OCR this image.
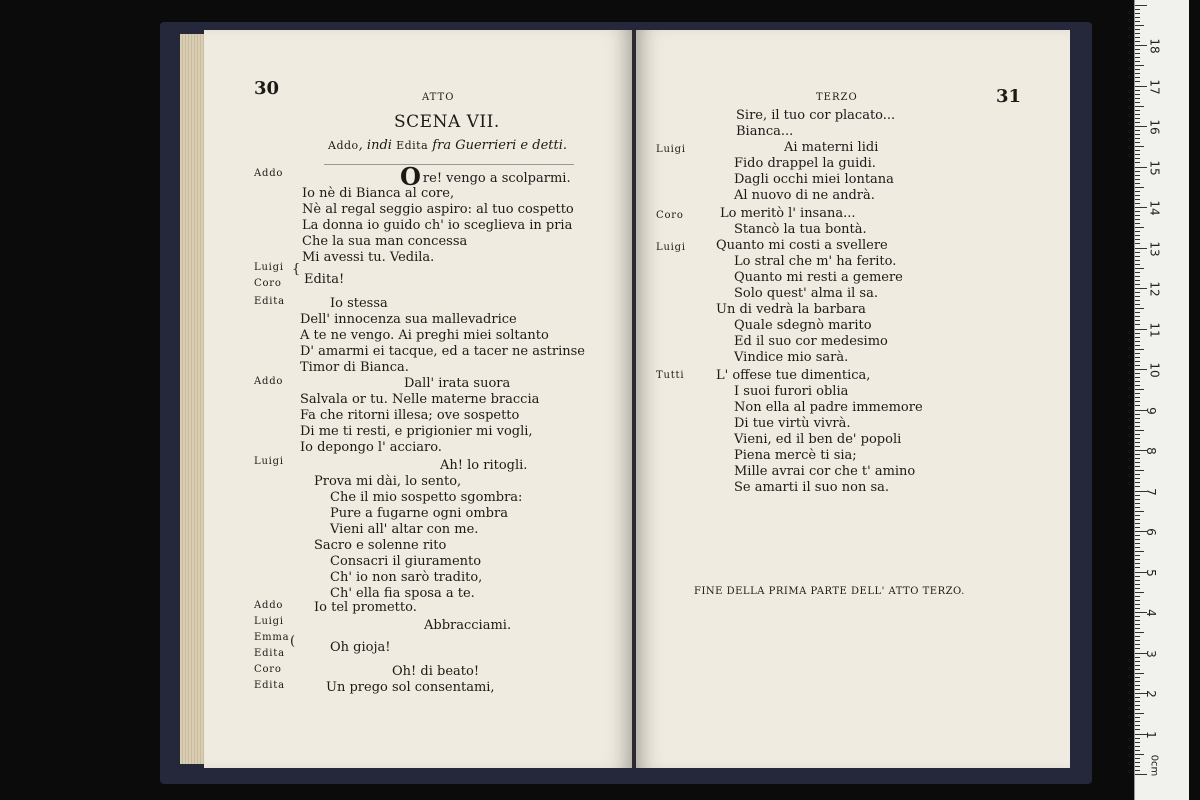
30	ATTO
SCENA VII.
Addo, indi Edita fra Guerrieri e detti.
Addo
Luigi
Coro
{
Edita
Addo
Luigi
Addo
Luigi
Emma
Edita
Coro
Edita
(
Ore! vengo a scolparmi.
Io nè di Bianca al core,
Nè al regal seggio aspiro: al tuo cospetto
La donna io guido ch' io sceglieva in pria
Che la sua man concessa
Mi avessi tu. Vedila.
Edita!
Io stessa
Dell' innocenza sua mallevadrice
A te ne vengo. Ai preghi miei soltanto
D' amarmi ei tacque, ed a tacer ne astrinse
Timor di Bianca.
Dall' irata suora
Salvala or tu. Nelle materne braccia
Fa che ritorni illesa; ove sospetto
Di me ti resti, e prigionier mi vogli,
Io depongo l' acciaro.
Ah! lo ritogli.
Prova mi dài, lo sento,
Che il mio sospetto sgombra:
Pure a fugarne ogni ombra
Vieni all' altar con me.
Sacro e solenne rito
Consacri il giuramento
Ch' io non sarò tradito,
Ch' ella fia sposa a te.
Io tel prometto.
Abbracciami.
Oh gioja!
Oh! di beato!
Un prego sol consentami,
TERZO	31
Luigi
Coro
Luigi
Tutti
Sire, il tuo cor placato...
Bianca...
Ai materni lidi
Fido drappel la guidi.
Dagli occhi miei lontana
Al nuovo di ne andrà.
Lo meritò l' insana...
Stancò la tua bontà.
Quanto mi costi a svellere
Lo stral che m' ha ferito.
Quanto mi resti a gemere
Solo quest' alma il sa.
Un di vedrà la barbara
Quale sdegnò marito
Ed il suo cor medesimo
Vindice mio sarà.
L' offese tue dimentica,
I suoi furori oblia
Non ella al padre immemore
Di tue virtù vivrà.
Vieni, ed il ben de' popoli
Piena mercè ti sia;
Mille avrai cor che t' amino
Se amarti il suo non sa.
FINE DELLA PRIMA PARTE DELL' ATTO TERZO.
1
2
3
4
5
6
7
8
9
10
11
12
13
14
15
16
17
18
0cm
